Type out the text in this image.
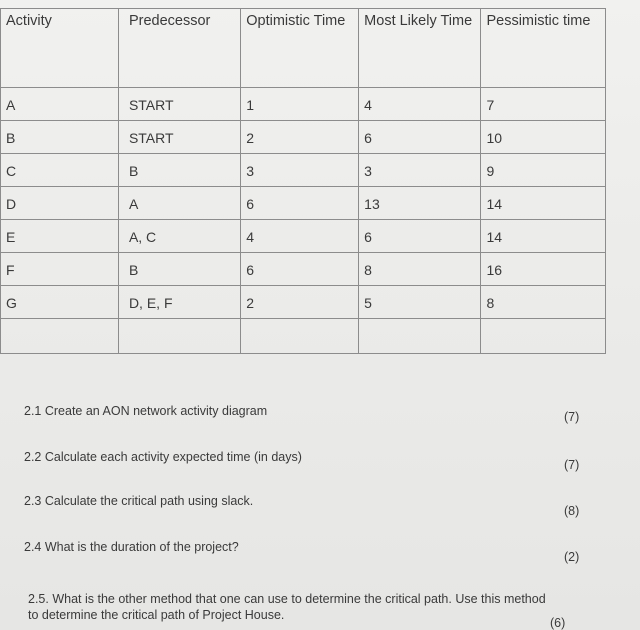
Activity	Predecessor	Optimistic Time	Most Likely Time	Pessimistic time
A	START	1	4	7
B	START	2	6	10
C	B	3	3	9
D	A	6	13	14
E	A, C	4	6	14
F	B	6	8	16
G	D, E, F	2	5	8

2.1 Create an AON network activity diagram	(7)
2.2 Calculate each activity expected time (in days)
(7)
2.3 Calculate the critical path using slack.
(8)
2.4 What is the duration of the project?
(2)
2.5. What is the other method that one can use to determine the critical path. Use this method
to determine the critical path of Project House.
(6)
